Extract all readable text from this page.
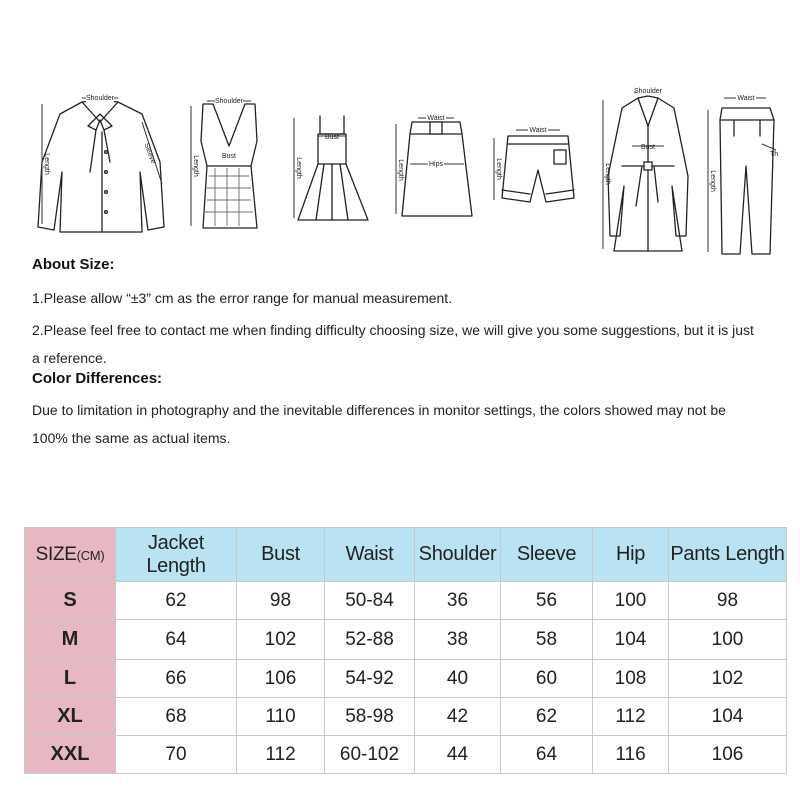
Shoulder
Length	Sleeve
Shoulder
Bust
Length
Bust
Length
Waist
Hips
Length
Waist
Length
Shoulder
Bust
Length
Waist
Th
Length

About Size:

1.Please allow “±3” cm as the error range for manual measurement.

2.Please feel free to contact me when finding difficulty choosing size, we will give you some suggestions, but it is just a reference.

Color Differences:

Due to limitation in photography and the inevitable differences in monitor settings, the colors showed may not be 100% the same as actual items.

SIZE(CM)	Jacket Length	Bust	Waist	Shoulder	Sleeve	Hip	Pants Length
S	62	98	50-84	36	56	100	98
M	64	102	52-88	38	58	104	100
L	66	106	54-92	40	60	108	102
XL	68	110	58-98	42	62	112	104
XXL	70	112	60-102	44	64	116	106
